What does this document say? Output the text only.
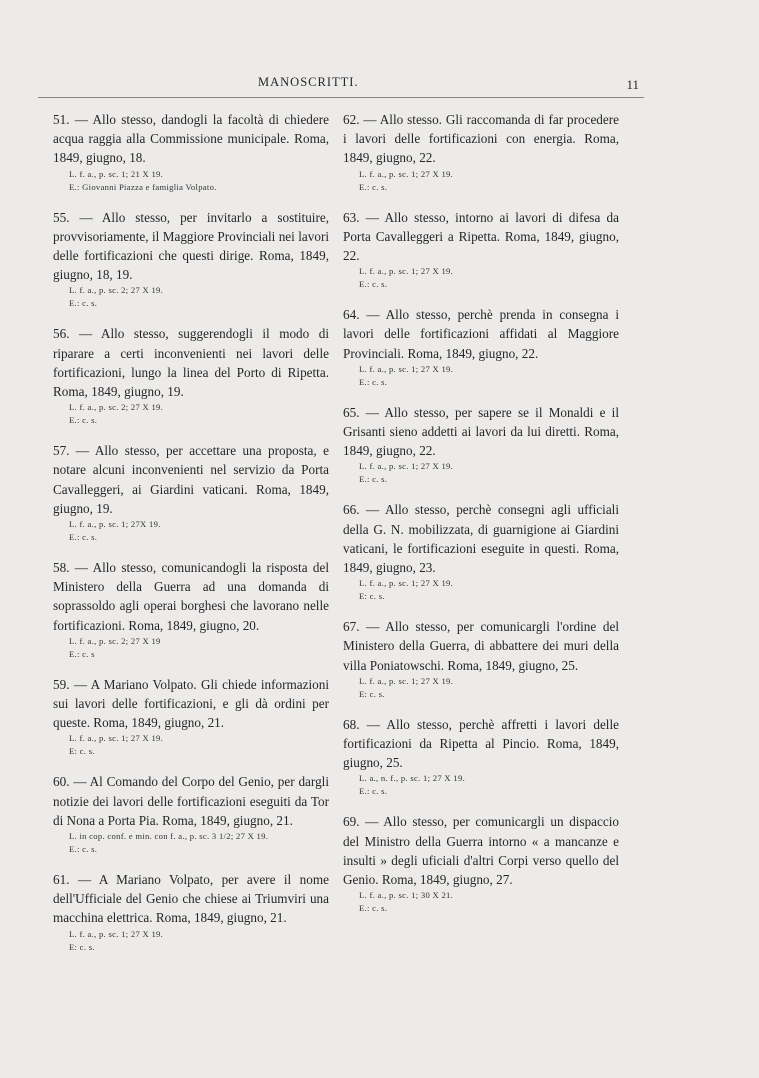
MANOSCRITTI.	11

51. — Allo stesso, dandogli la facoltà di chiedere acqua raggia alla Commissione municipale. Roma, 1849, giugno, 18.

L. f. a., p. sc. 1; 21 X 19.
E.: Giovanni Piazza e famiglia Volpato.

55. — Allo stesso, per invitarlo a sostituire, provvisoriamente, il Maggiore Provinciali nei lavori delle fortificazioni che questi dirige. Roma, 1849, giugno, 18, 19.

L. f. a., p. sc. 2; 27 X 19.
E.: c. s.

56. — Allo stesso, suggerendogli il modo di riparare a certi inconvenienti nei lavori delle fortificazioni, lungo la linea del Porto di Ripetta. Roma, 1849, giugno, 19.

L. f. a., p. sc. 2; 27 X 19.
E.: c. s.

57. — Allo stesso, per accettare una proposta, e notare alcuni inconvenienti nel servizio da Porta Cavalleggeri, ai Giardini vaticani. Roma, 1849, giugno, 19.

L. f. a., p. sc. 1; 27X 19.
E.: c. s.

58. — Allo stesso, comunicandogli la risposta del Ministero della Guerra ad una domanda di soprassoldo agli operai borghesi che lavorano nelle fortificazioni. Roma, 1849, giugno, 20.

L. f. a., p. sc. 2; 27 X 19
E.: c. s

59. — A Mariano Volpato. Gli chiede informazioni sui lavori delle fortificazioni, e gli dà ordini per queste. Roma, 1849, giugno, 21.

L. f. a., p. sc. 1; 27 X 19.
E: c. s.

60. — Al Comando del Corpo del Genio, per dargli notizie dei lavori delle fortificazioni eseguiti da Tor di Nona a Porta Pia. Roma, 1849, giugno, 21.

L. in cop. conf. e min. con f. a., p. sc. 3 1/2; 27 X 19.
E.: c. s.

61. — A Mariano Volpato, per avere il nome dell'Ufficiale del Genio che chiese ai Triumviri una macchina elettrica. Roma, 1849, giugno, 21.

L. f. a., p. sc. 1; 27 X 19.
E: c. s.

62. — Allo stesso. Gli raccomanda di far procedere i lavori delle fortificazioni con energia. Roma, 1849, giugno, 22.

L. f. a., p. sc. 1; 27 X 19.
E.: c. s.

63. — Allo stesso, intorno ai lavori di difesa da Porta Cavalleggeri a Ripetta. Roma, 1849, giugno, 22.

L. f. a., p. sc. 1; 27 X 19.
E.: c. s.

64. — Allo stesso, perchè prenda in consegna i lavori delle fortificazioni affidati al Maggiore Provinciali. Roma, 1849, giugno, 22.

L. f. a., p. sc. 1; 27 X 19.
E.: c. s.

65. — Allo stesso, per sapere se il Monaldi e il Grisanti sieno addetti ai lavori da lui diretti. Roma, 1849, giugno, 22.

L. f. a., p. sc. 1; 27 X 19.
E.: c. s.

66. — Allo stesso, perchè consegni agli ufficiali della G. N. mobilizzata, di guarnigione ai Giardini vaticani, le fortificazioni eseguite in questi. Roma, 1849, giugno, 23.

L. f. a., p. sc. 1; 27 X 19.
E: c. s.

67. — Allo stesso, per comunicargli l'ordine del Ministero della Guerra, di abbattere dei muri della villa Poniatowschi. Roma, 1849, giugno, 25.

L. f. a., p. sc. 1; 27 X 19.
E: c. s.

68. — Allo stesso, perchè affretti i lavori delle fortificazioni da Ripetta al Pincio. Roma, 1849, giugno, 25.

L. a., n. f., p. sc. 1; 27 X 19.
E.: c. s.

69. — Allo stesso, per comunicargli un dispaccio del Ministro della Guerra intorno « a mancanze e insulti » degli uficiali d'altri Corpi verso quello del Genio. Roma, 1849, giugno, 27.

L. f. a., p. sc. 1; 30 X 21.
E.: c. s.
